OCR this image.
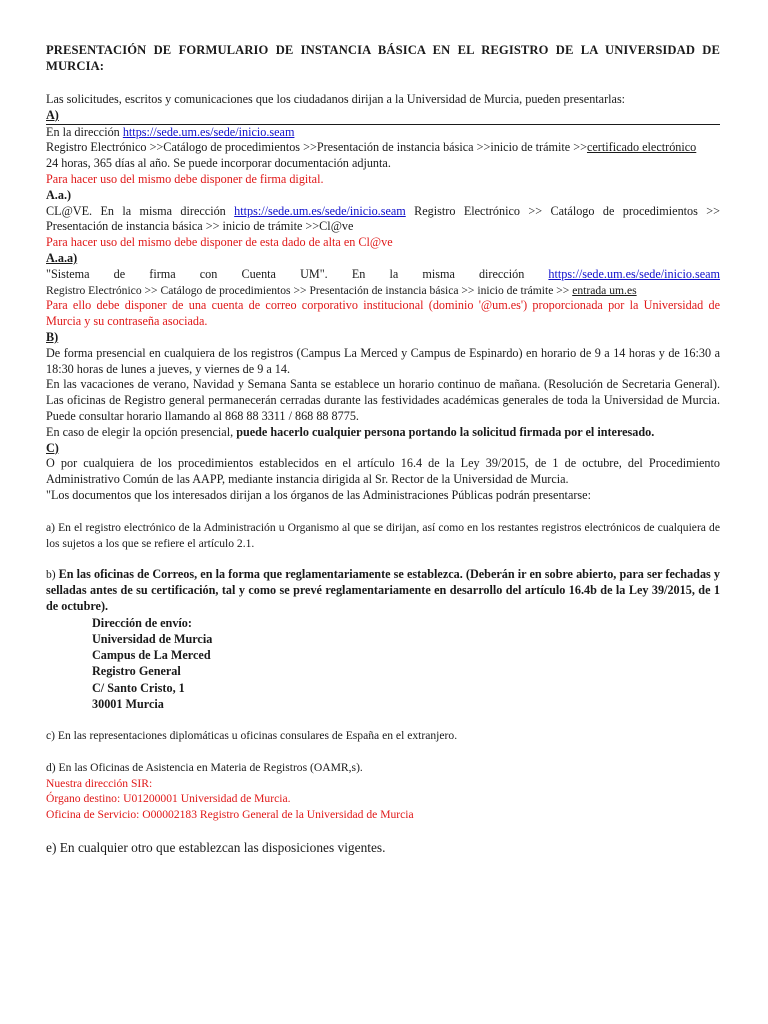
PRESENTACIÓN DE FORMULARIO DE INSTANCIA BÁSICA EN EL REGISTRO DE LA UNIVERSIDAD DE MURCIA:

Las solicitudes, escritos y comunicaciones que los ciudadanos dirijan a la Universidad de Murcia, pueden presentarlas:

A)

En la dirección https://sede.um.es/sede/inicio.seam

Registro Electrónico >>Catálogo de procedimientos >>Presentación de instancia básica >>inicio de trámite >>certificado electrónico

24 horas, 365 días al año. Se puede incorporar documentación adjunta.

Para hacer uso del mismo debe disponer de firma digital.

A.a.)

CL@VE. En la misma dirección https://sede.um.es/sede/inicio.seam Registro Electrónico >> Catálogo de procedimientos >> Presentación de instancia básica >> inicio de trámite >>Cl@ve

Para hacer uso del mismo debe disponer de esta dado de alta en Cl@ve

A.a.a)

"Sistema de firma con Cuenta UM". En la misma dirección https://sede.um.es/sede/inicio.seam

Registro Electrónico >> Catálogo de procedimientos >> Presentación de instancia básica >> inicio de trámite >> entrada um.es

Para ello debe disponer de una cuenta de correo corporativo institucional (dominio '@um.es') proporcionada por la Universidad de Murcia y su contraseña asociada.

B)

De forma presencial en cualquiera de los registros (Campus La Merced y Campus de Espinardo) en horario de 9 a 14 horas y de 16:30 a 18:30 horas de lunes a jueves, y viernes de 9 a 14.

En las vacaciones de verano, Navidad y Semana Santa se establece un horario continuo de mañana. (Resolución de Secretaria General). Las oficinas de Registro general permanecerán cerradas durante las festividades académicas generales de toda la Universidad de Murcia. Puede consultar horario llamando al 868 88 3311 / 868 88 8775.

En caso de elegir la opción presencial, puede hacerlo cualquier persona portando la solicitud firmada por el interesado.

C)

O por cualquiera de los procedimientos establecidos en el artículo 16.4 de la Ley 39/2015, de 1 de octubre, del Procedimiento Administrativo Común de las AAPP, mediante instancia dirigida al Sr. Rector de la Universidad de Murcia.

"Los documentos que los interesados dirijan a los órganos de las Administraciones Públicas podrán presentarse:

a) En el registro electrónico de la Administración u Organismo al que se dirijan, así como en los restantes registros electrónicos de cualquiera de los sujetos a los que se refiere el artículo 2.1.

b) En las oficinas de Correos, en la forma que reglamentariamente se establezca. (Deberán ir en sobre abierto, para ser fechadas y selladas antes de su certificación, tal y como se prevé reglamentariamente en desarrollo del artículo 16.4b de la Ley 39/2015, de 1 de octubre).

Dirección de envío:

Universidad de Murcia

Campus de La Merced

Registro General

C/ Santo Cristo, 1

30001 Murcia

c) En las representaciones diplomáticas u oficinas consulares de España en el extranjero.

d) En las Oficinas de Asistencia en Materia de Registros (OAMR,s).

Nuestra dirección SIR:

Órgano destino: U01200001 Universidad de Murcia.

Oficina de Servicio: O00002183 Registro General de la Universidad de Murcia

e) En cualquier otro que establezcan las disposiciones vigentes.
